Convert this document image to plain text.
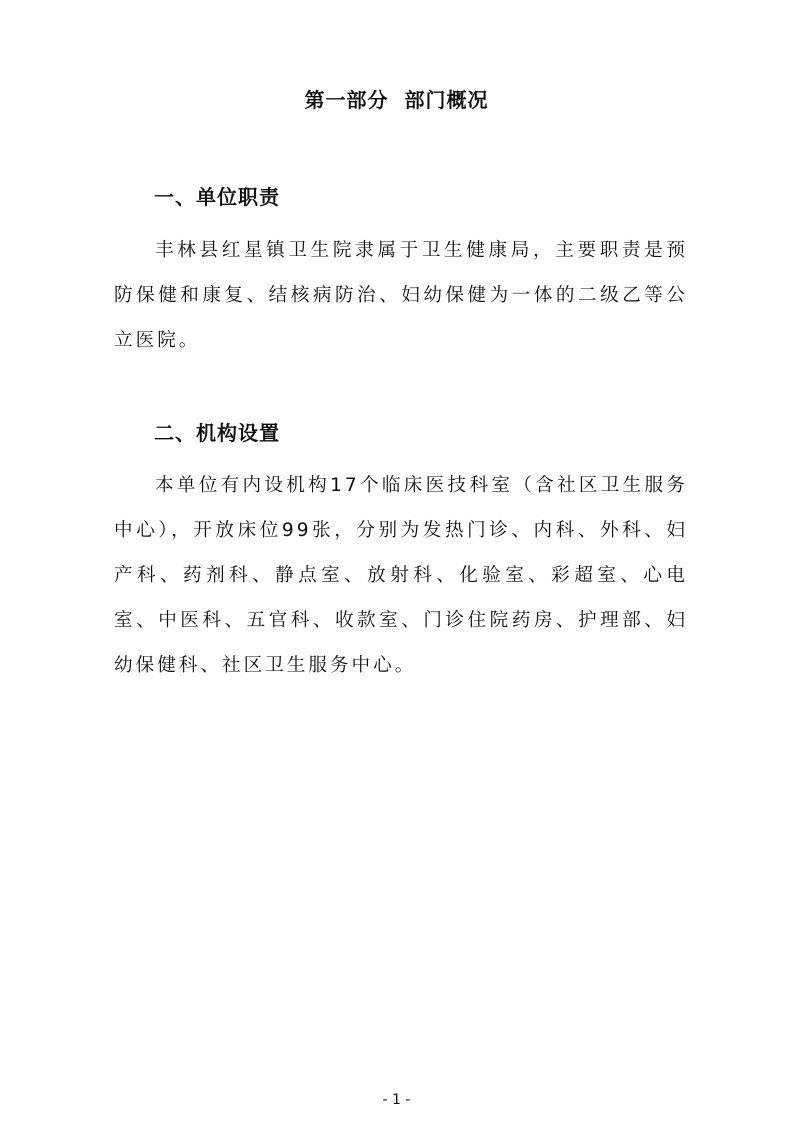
第一部分  部门概况
一、单位职责

丰林县红星镇卫生院隶属于卫生健康局，主要职责是预防保健和康复、结核病防治、妇幼保健为一体的二级乙等公立医院。

二、机构设置

本单位有内设机构17个临床医技科室（含社区卫生服务中心），开放床位99张，分别为发热门诊、内科、外科、妇产科、药剂科、静点室、放射科、化验室、彩超室、心电室、中医科、五官科、收款室、门诊住院药房、护理部、妇幼保健科、社区卫生服务中心。

- 1 -
